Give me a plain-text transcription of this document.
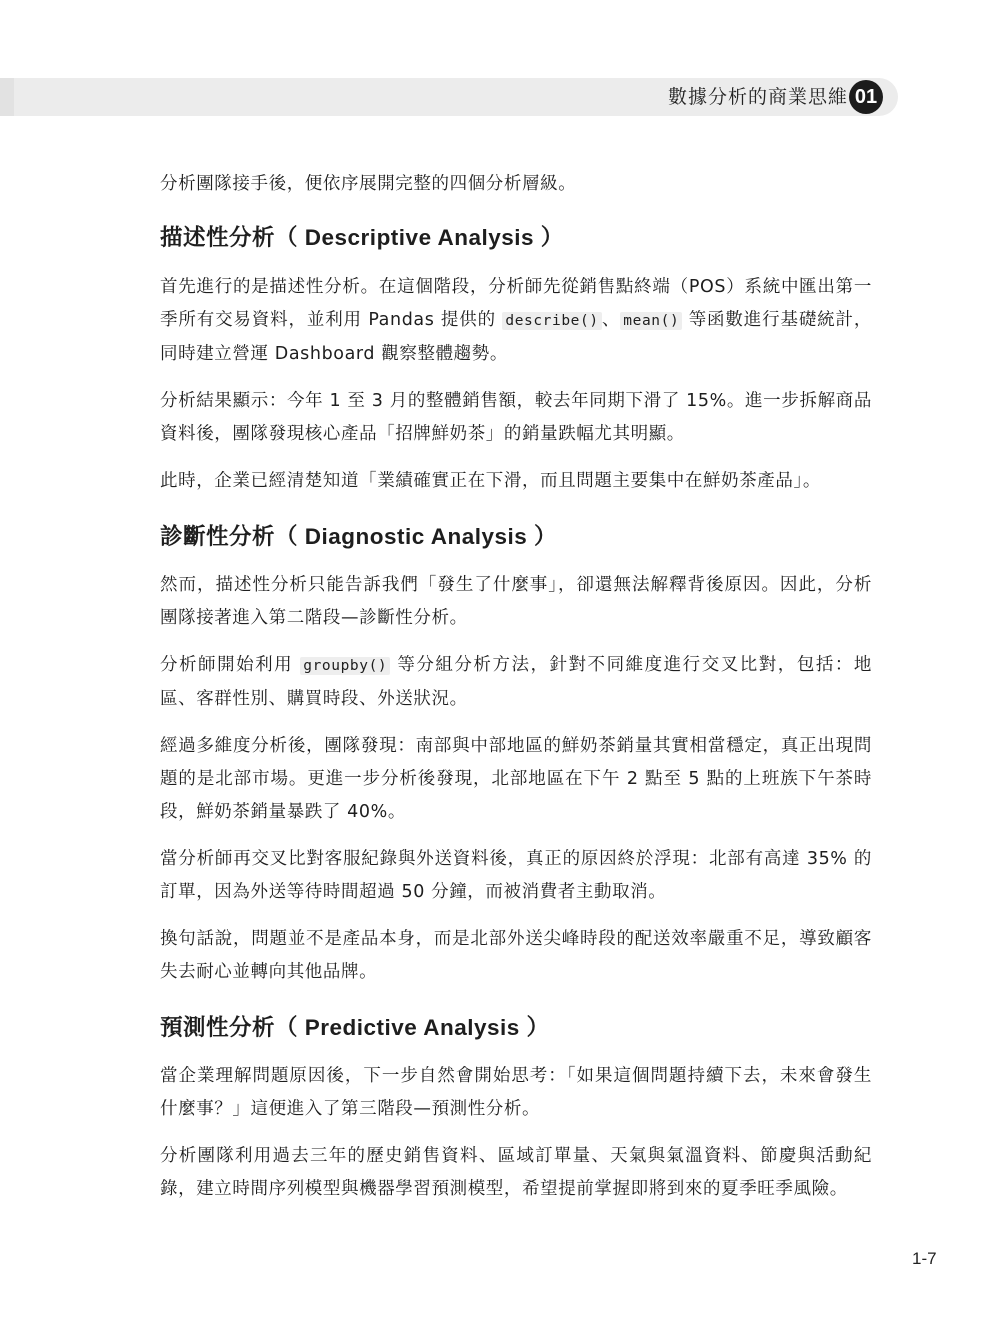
數據分析的商業思維 01

分析團隊接手後，便依序展開完整的四個分析層級。

描述性分析（ Descriptive Analysis ）

首先進行的是描述性分析。在這個階段，分析師先從銷售點終端（POS）系統中匯出第一季所有交易資料，並利用 Pandas 提供的 describe() 、 mean() 等函數進行基礎統計，同時建立營運 Dashboard 觀察整體趨勢。

分析結果顯示：今年 1 至 3 月的整體銷售額，較去年同期下滑了 15%。進一步拆解商品資料後，團隊發現核心產品「招牌鮮奶茶」的銷量跌幅尤其明顯。

此時，企業已經清楚知道「業績確實正在下滑，而且問題主要集中在鮮奶茶產品」。

診斷性分析（ Diagnostic Analysis ）

然而，描述性分析只能告訴我們「發生了什麼事」，卻還無法解釋背後原因。因此，分析團隊接著進入第二階段—診斷性分析。

分析師開始利用 groupby() 等分組分析方法，針對不同維度進行交叉比對，包括：地區、客群性別、購買時段、外送狀況。

經過多維度分析後，團隊發現：南部與中部地區的鮮奶茶銷量其實相當穩定，真正出現問題的是北部市場。更進一步分析後發現，北部地區在下午 2 點至 5 點的上班族下午茶時段，鮮奶茶銷量暴跌了 40%。

當分析師再交叉比對客服紀錄與外送資料後，真正的原因終於浮現：北部有高達 35% 的訂單，因為外送等待時間超過 50 分鐘，而被消費者主動取消。

換句話說，問題並不是產品本身，而是北部外送尖峰時段的配送效率嚴重不足，導致顧客失去耐心並轉向其他品牌。

預測性分析（ Predictive Analysis ）

當企業理解問題原因後，下一步自然會開始思考：「如果這個問題持續下去，未來會發生什麼事？」這便進入了第三階段—預測性分析。

分析團隊利用過去三年的歷史銷售資料、區域訂單量、天氣與氣溫資料、節慶與活動紀錄，建立時間序列模型與機器學習預測模型，希望提前掌握即將到來的夏季旺季風險。

1-7
